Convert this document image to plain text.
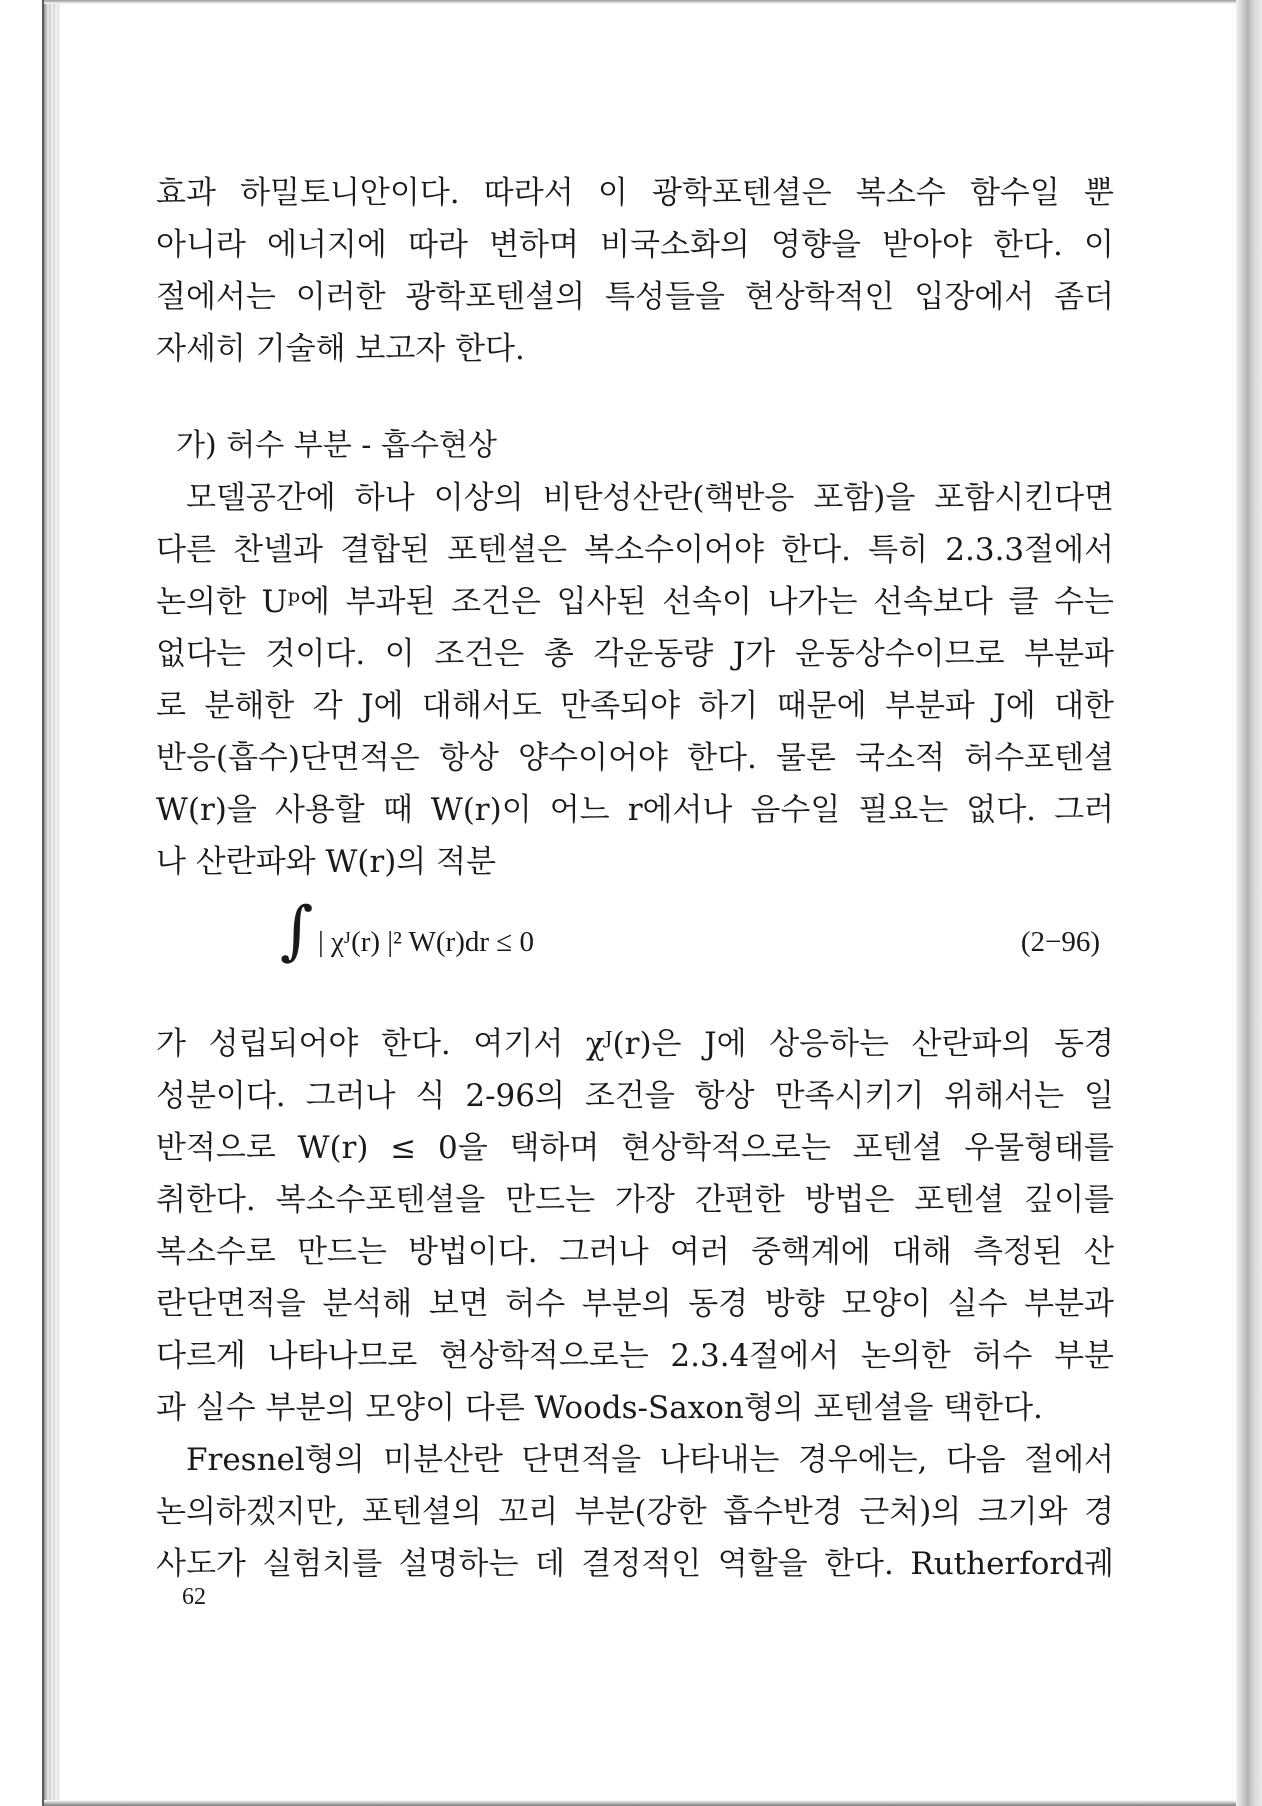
효과 하밀토니안이다. 따라서 이 광학포텐셜은 복소수 함수일 뿐
아니라 에너지에 따라 변하며 비국소화의 영향을 받아야 한다. 이
절에서는 이러한 광학포텐셜의 특성들을 현상학적인 입장에서 좀더
자세히 기술해 보고자 한다.
가) 허수 부분 - 흡수현상
모델공간에 하나 이상의 비탄성산란(핵반응 포함)을 포함시킨다면
다른 찬넬과 결합된 포텐셜은 복소수이어야 한다. 특히 2.3.3절에서
논의한 Uᵖ에 부과된 조건은 입사된 선속이 나가는 선속보다 클 수는
없다는 것이다. 이 조건은 총 각운동량 J가 운동상수이므로 부분파
로 분해한 각 J에 대해서도 만족되야 하기 때문에 부분파 J에 대한
반응(흡수)단면적은 항상 양수이어야 한다. 물론 국소적 허수포텐셜
W(r)을 사용할 때 W(r)이 어느 r에서나 음수일 필요는 없다. 그러
나 산란파와 W(r)의 적분
∫ | χᴶ(r) |² W(r)dr ≤ 0	(2−96)
가 성립되어야 한다. 여기서 χᴶ(r)은 J에 상응하는 산란파의 동경
성분이다. 그러나 식 2-96의 조건을 항상 만족시키기 위해서는 일
반적으로 W(r) ≤ 0을 택하며 현상학적으로는 포텐셜 우물형태를
취한다. 복소수포텐셜을 만드는 가장 간편한 방법은 포텐셜 깊이를
복소수로 만드는 방법이다. 그러나 여러 중핵계에 대해 측정된 산
란단면적을 분석해 보면 허수 부분의 동경 방향 모양이 실수 부분과
다르게 나타나므로 현상학적으로는 2.3.4절에서 논의한 허수 부분
과 실수 부분의 모양이 다른 Woods-Saxon형의 포텐셜을 택한다.
Fresnel형의 미분산란 단면적을 나타내는 경우에는, 다음 절에서
논의하겠지만, 포텐셜의 꼬리 부분(강한 흡수반경 근처)의 크기와 경
사도가 실험치를 설명하는 데 결정적인 역할을 한다. Rutherford궤
62
